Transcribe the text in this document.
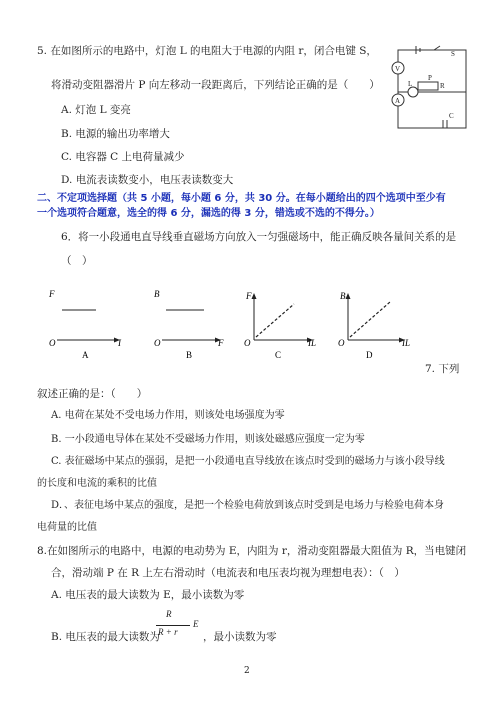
5. 在如图所示的电路中，灯泡 L 的电阻大于电源的内阻 r，闭合电键 S，
将滑动变阻器滑片 P 向左移动一段距离后，下列结论正确的是（　　）
A. 灯泡 L 变亮
B. 电源的输出功率增大
C. 电容器 C 上电荷量减少
D. 电流表读数变小，电压表读数变大
V
A
L
P
R
C
S
二、不定项选择题（共 5 小题，每小题 6 分，共 30 分。在每小题给出的四个选项中至少有
一个选项符合题意，选全的得 6 分，漏选的得 3 分，错选或不选的不得分。）
6．将一小段通电直导线垂直磁场方向放入一匀强磁场中，能正确反映各量间关系的是
（　）
F
O	I
A
B
O	F
B
F
O	IL
C
B
O	IL
D
7. 下列
叙述正确的是：（　　）
A. 电荷在某处不受电场力作用，则该处电场强度为零
B. 一小段通电导体在某处不受磁场力作用，则该处磁感应强度一定为零
C. 表征磁场中某点的强弱，是把一小段通电直导线放在该点时受到的磁场力与该小段导线
的长度和电流的乘积的比值
D．、表征电场中某点的强度，是把一个检验电荷放到该点时受到是电场力与检验电荷本身
电荷量的比值
8.在如图所示的电路中，电源的电动势为 E，内阻为 r，滑动变阻器最大阻值为 R，当电键闭
合，滑动端 P 在 R 上左右滑动时（电流表和电压表均视为理想电表）：（　）
A. 电压表的最大读数为 E，最小读数为零
B. 电压表的最大读数为
R
R + r
E
，最小读数为零
2
